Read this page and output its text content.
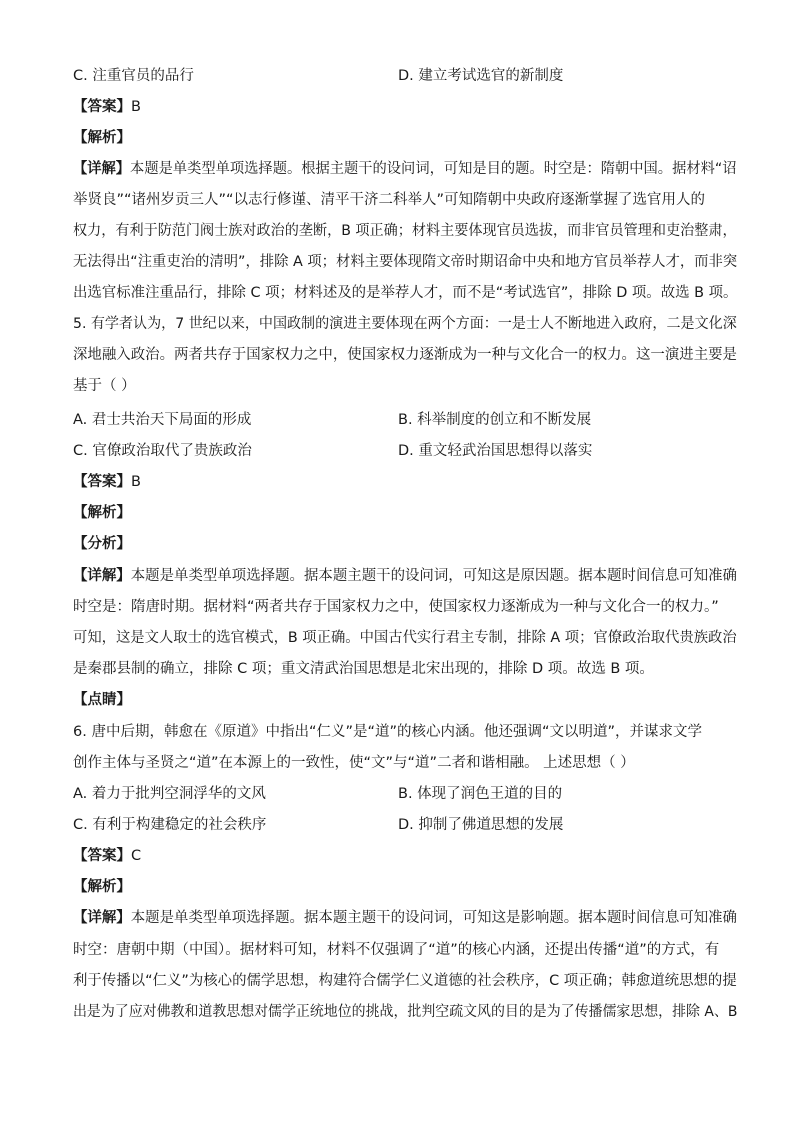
C. 注重官员的品行	D. 建立考试选官的新制度
【答案】B
【解析】
【详解】本题是单类型单项选择题。根据主题干的设问词，可知是目的题。时空是：隋朝中国。据材料“诏
举贤良”“诸州岁贡三人”“以志行修谨、清平干济二科举人”可知隋朝中央政府逐渐掌握了选官用人的
权力，有利于防范门阀士族对政治的垄断，B 项正确；材料主要体现官员选拔，而非官员管理和吏治整肃，
无法得出“注重吏治的清明”，排除 A 项；材料主要体现隋文帝时期诏命中央和地方官员举荐人才，而非突
出选官标准注重品行，排除 C 项；材料述及的是举荐人才，而不是“考试选官”，排除 D 项。故选 B 项。
5. 有学者认为，7 世纪以来，中国政制的演进主要体现在两个方面：一是士人不断地进入政府，二是文化深
深地融入政治。两者共存于国家权力之中，使国家权力逐渐成为一种与文化合一的权力。这一演进主要是
基于（ ）
A. 君士共治天下局面的形成	B. 科举制度的创立和不断发展
C. 官僚政治取代了贵族政治	D. 重文轻武治国思想得以落实
【答案】B
【解析】
【分析】
【详解】本题是单类型单项选择题。据本题主题干的设问词，可知这是原因题。据本题时间信息可知准确
时空是：隋唐时期。据材料“两者共存于国家权力之中，使国家权力逐渐成为一种与文化合一的权力。”
可知，这是文人取士的选官模式，B 项正确。中国古代实行君主专制，排除 A 项；官僚政治取代贵族政治
是秦郡县制的确立，排除 C 项；重文清武治国思想是北宋出现的，排除 D 项。故选 B 项。
【点睛】
6. 唐中后期，韩愈在《原道》中指出“仁义”是“道”的核心内涵。他还强调“文以明道”，并谋求文学
创作主体与圣贤之“道”在本源上的一致性，使“文”与“道”二者和谐相融。 上述思想（ ）
A. 着力于批判空洞浮华的文风	B. 体现了润色王道的目的
C. 有利于构建稳定的社会秩序	D. 抑制了佛道思想的发展
【答案】C
【解析】
【详解】本题是单类型单项选择题。据本题主题干的设问词，可知这是影响题。据本题时间信息可知准确
时空：唐朝中期（中国）。据材料可知，材料不仅强调了“道”的核心内涵，还提出传播“道”的方式，有
利于传播以“仁义”为核心的儒学思想，构建符合儒学仁义道德的社会秩序，C 项正确；韩愈道统思想的提
出是为了应对佛教和道教思想对儒学正统地位的挑战，批判空疏文风的目的是为了传播儒家思想，排除 A、B
